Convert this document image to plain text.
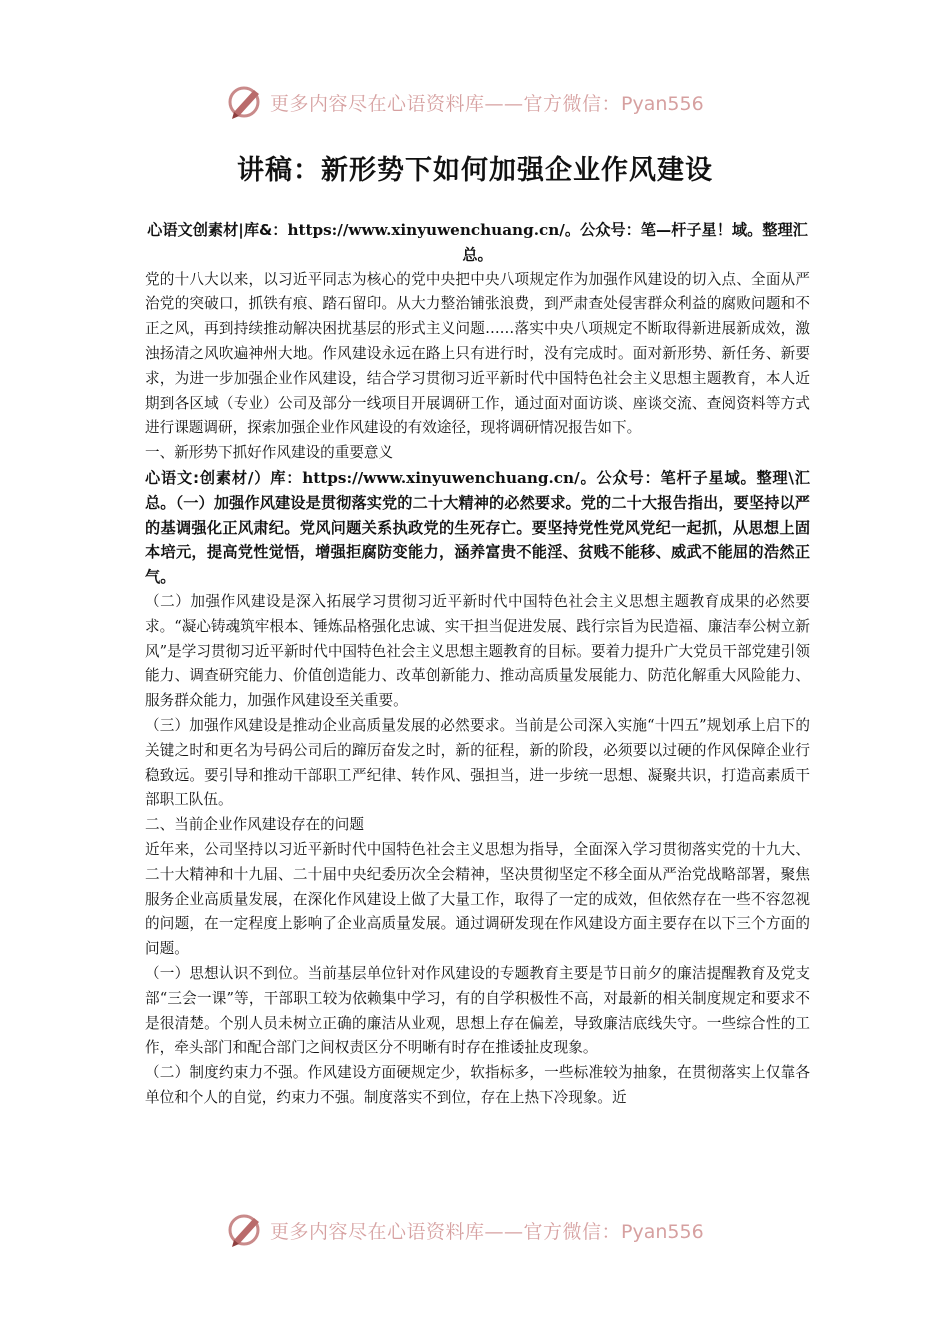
更多内容尽在心语资料库——官方微信：Pyan556
讲稿：新形势下如何加强企业作风建设

心语文创素材|库&：https://www.xinyuwenchuang.cn/。公众号：笔—杆子星！域。整理汇总。

党的十八大以来，以习近平同志为核心的党中央把中央八项规定作为加强作风建设的切入点、全面从严治党的突破口，抓铁有痕、踏石留印。从大力整治铺张浪费，到严肃查处侵害群众利益的腐败问题和不正之风，再到持续推动解决困扰基层的形式主义问题……落实中央八项规定不断取得新进展新成效，激浊扬清之风吹遍神州大地。作风建设永远在路上只有进行时，没有完成时。面对新形势、新任务、新要求，为进一步加强企业作风建设，结合学习贯彻习近平新时代中国特色社会主义思想主题教育，本人近期到各区域（专业）公司及部分一线项目开展调研工作，通过面对面访谈、座谈交流、查阅资料等方式进行课题调研，探索加强企业作风建设的有效途径，现将调研情况报告如下。

一、新形势下抓好作风建设的重要意义

心语文:创素材/）库：https://www.xinyuwenchuang.cn/。公众号：笔杆子星域。整理\汇总。（一）加强作风建设是贯彻落实党的二十大精神的必然要求。党的二十大报告指出，要坚持以严的基调强化正风肃纪。党风问题关系执政党的生死存亡。要坚持党性党风党纪一起抓，从思想上固本培元，提高党性觉悟，增强拒腐防变能力，涵养富贵不能淫、贫贱不能移、威武不能屈的浩然正气。

（二）加强作风建设是深入拓展学习贯彻习近平新时代中国特色社会主义思想主题教育成果的必然要求。“凝心铸魂筑牢根本、锤炼品格强化忠诚、实干担当促进发展、践行宗旨为民造福、廉洁奉公树立新风”是学习贯彻习近平新时代中国特色社会主义思想主题教育的目标。要着力提升广大党员干部党建引领能力、调查研究能力、价值创造能力、改革创新能力、推动高质量发展能力、防范化解重大风险能力、服务群众能力，加强作风建设至关重要。

（三）加强作风建设是推动企业高质量发展的必然要求。当前是公司深入实施“十四五”规划承上启下的关键之时和更名为号码公司后的蹿厉奋发之时，新的征程，新的阶段，必须要以过硬的作风保障企业行稳致远。要引导和推动干部职工严纪律、转作风、强担当，进一步统一思想、凝聚共识，打造高素质干部职工队伍。

二、当前企业作风建设存在的问题

近年来，公司坚持以习近平新时代中国特色社会主义思想为指导，全面深入学习贯彻落实党的十九大、二十大精神和十九届、二十届中央纪委历次全会精神，坚决贯彻坚定不移全面从严治党战略部署，聚焦服务企业高质量发展，在深化作风建设上做了大量工作，取得了一定的成效，但依然存在一些不容忽视的问题，在一定程度上影响了企业高质量发展。通过调研发现在作风建设方面主要存在以下三个方面的问题。

（一）思想认识不到位。当前基层单位针对作风建设的专题教育主要是节日前夕的廉洁提醒教育及党支部“三会一课”等，干部职工较为依赖集中学习，有的自学积极性不高，对最新的相关制度规定和要求不是很清楚。个别人员未树立正确的廉洁从业观，思想上存在偏差，导致廉洁底线失守。一些综合性的工作，牵头部门和配合部门之间权责区分不明晰有时存在推诿扯皮现象。

（二）制度约束力不强。作风建设方面硬规定少，软指标多，一些标准较为抽象，在贯彻落实上仅靠各单位和个人的自觉，约束力不强。制度落实不到位，存在上热下冷现象。近

更多内容尽在心语资料库——官方微信：Pyan556
